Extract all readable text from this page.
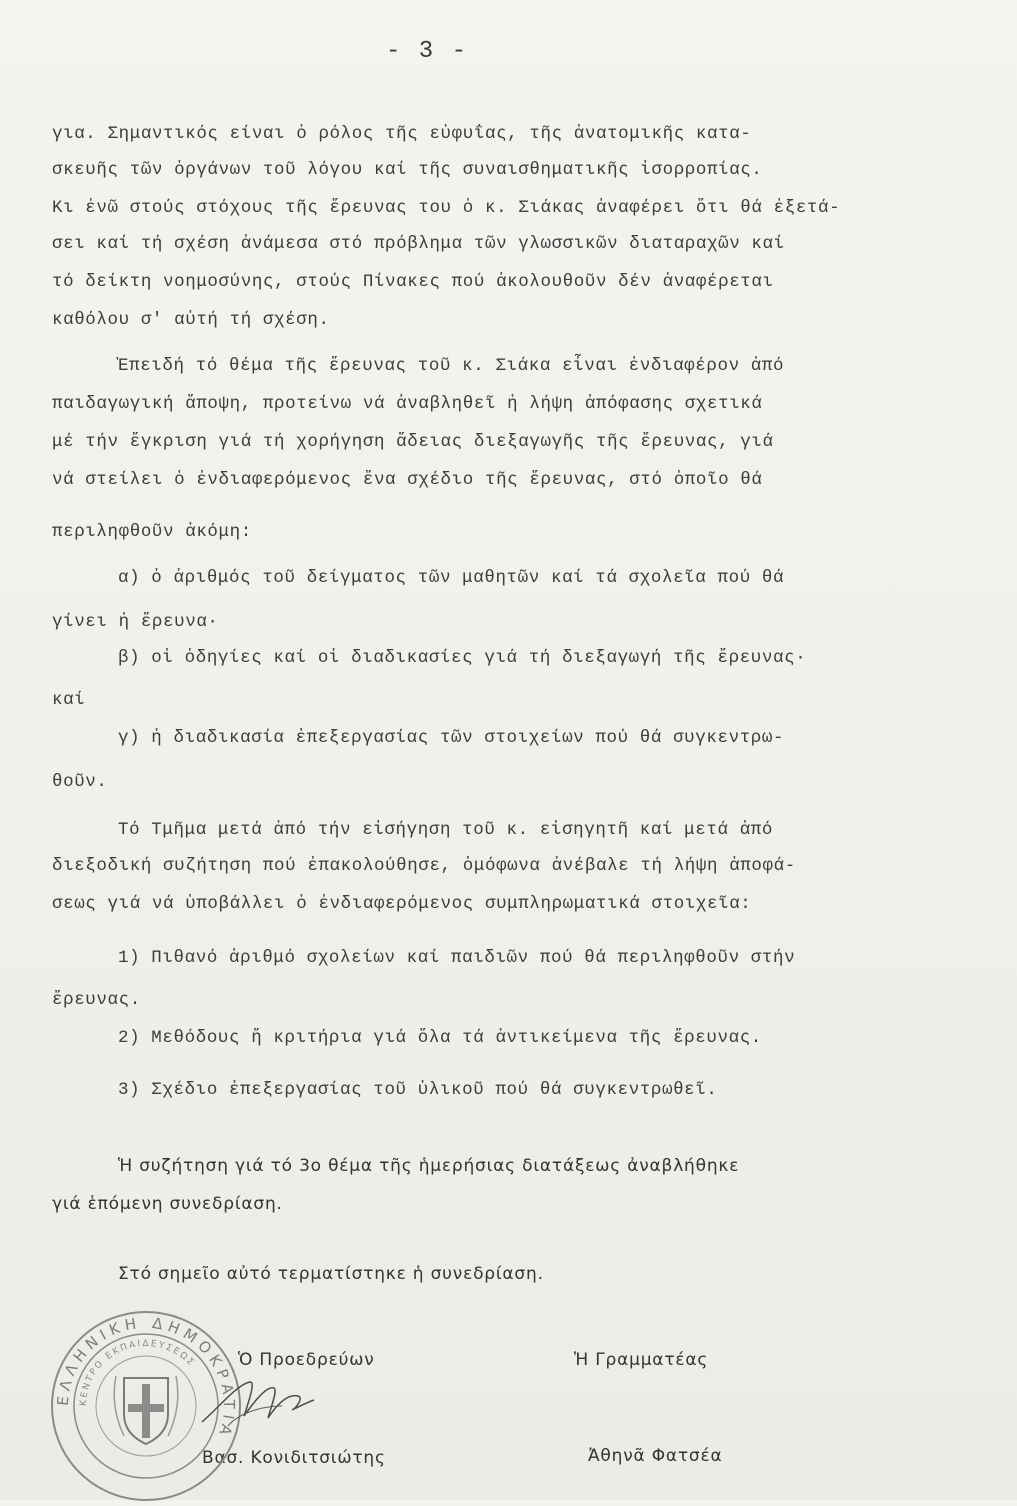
- 3 -
για. Σημαντικός είναι ὁ ρόλος τῆς εὐφυΐας, τῆς ἀνατομικῆς κατα-
σκευῆς τῶν ὀργάνων τοῦ λόγου καί τῆς συναισθηματικῆς ἰσορροπίας.
Κι ἐνῶ στούς στόχους τῆς ἔρευνας του ὁ κ. Σιάκας ἀναφέρει ὅτι θά ἐξετά-
σει καί τή σχέση ἀνάμεσα στό πρόβλημα τῶν γλωσσικῶν διαταραχῶν καί
τό δείκτη νοημοσύνης, στούς Πίνακες πού ἀκολουθοῦν δέν ἀναφέρεται
καθόλου σ' αὐτή τή σχέση.
Ἐπειδή τό θέμα τῆς ἔρευνας τοῦ κ. Σιάκα εἶναι ἐνδιαφέρον ἀπό
παιδαγωγική ἄποψη, προτείνω νά ἀναβληθεῖ ἡ λήψη ἀπόφασης σχετικά
μέ τήν ἔγκριση γιά τή χορήγηση ἄδειας διεξαγωγῆς τῆς ἔρευνας, γιά
νά στείλει ὁ ἐνδιαφερόμενος ἕνα σχέδιο τῆς ἔρευνας, στό ὁποῖο θά
περιληφθοῦν ἀκόμη:
α) ὁ ἀριθμός τοῦ δείγματος τῶν μαθητῶν καί τά σχολεῖα πού θά
γίνει ἡ ἔρευνα·
β) οἱ ὁδηγίες καί οἱ διαδικασίες γιά τή διεξαγωγή τῆς ἔρευνας·
καί
γ) ἡ διαδικασία ἐπεξεργασίας τῶν στοιχείων πού θά συγκεντρω-
θοῦν.
Τό Τμῆμα μετά ἀπό τήν εἰσήγηση τοῦ κ. εἰσηγητῆ καί μετά ἀπό
διεξοδική συζήτηση πού ἐπακολούθησε, ὁμόφωνα ἀνέβαλε τή λήψη ἀποφά-
σεως γιά νά ὑποβάλλει ὁ ἐνδιαφερόμενος συμπληρωματικά στοιχεῖα:
1) Πιθανό ἀριθμό σχολείων καί παιδιῶν πού θά περιληφθοῦν στήν
ἔρευνας.
2) Μεθόδους ἤ κριτήρια γιά ὅλα τά ἀντικείμενα τῆς ἔρευνας.
3) Σχέδιο ἐπεξεργασίας τοῦ ὑλικοῦ πού θά συγκεντρωθεῖ.
Ἡ συζήτηση γιά τό 3ο θέμα τῆς ἡμερήσιας διατάξεως ἀναβλήθηκε
γιά ἑπόμενη συνεδρίαση.
Στό σημεῖο αὐτό τερματίστηκε ἡ συνεδρίαση.
Ὁ Προεδρεύων	Ἡ Γραμματέας
Βασ. Κονιδιτσιώτης	Ἀθηνᾶ Φατσέα
ΕΛΛΗΝΙΚΗ ΔΗΜΟΚΡΑΤΙΑ
ΚΕΝΤΡΟ ΕΚΠΑΙΔΕΥΣΕΩΣ
